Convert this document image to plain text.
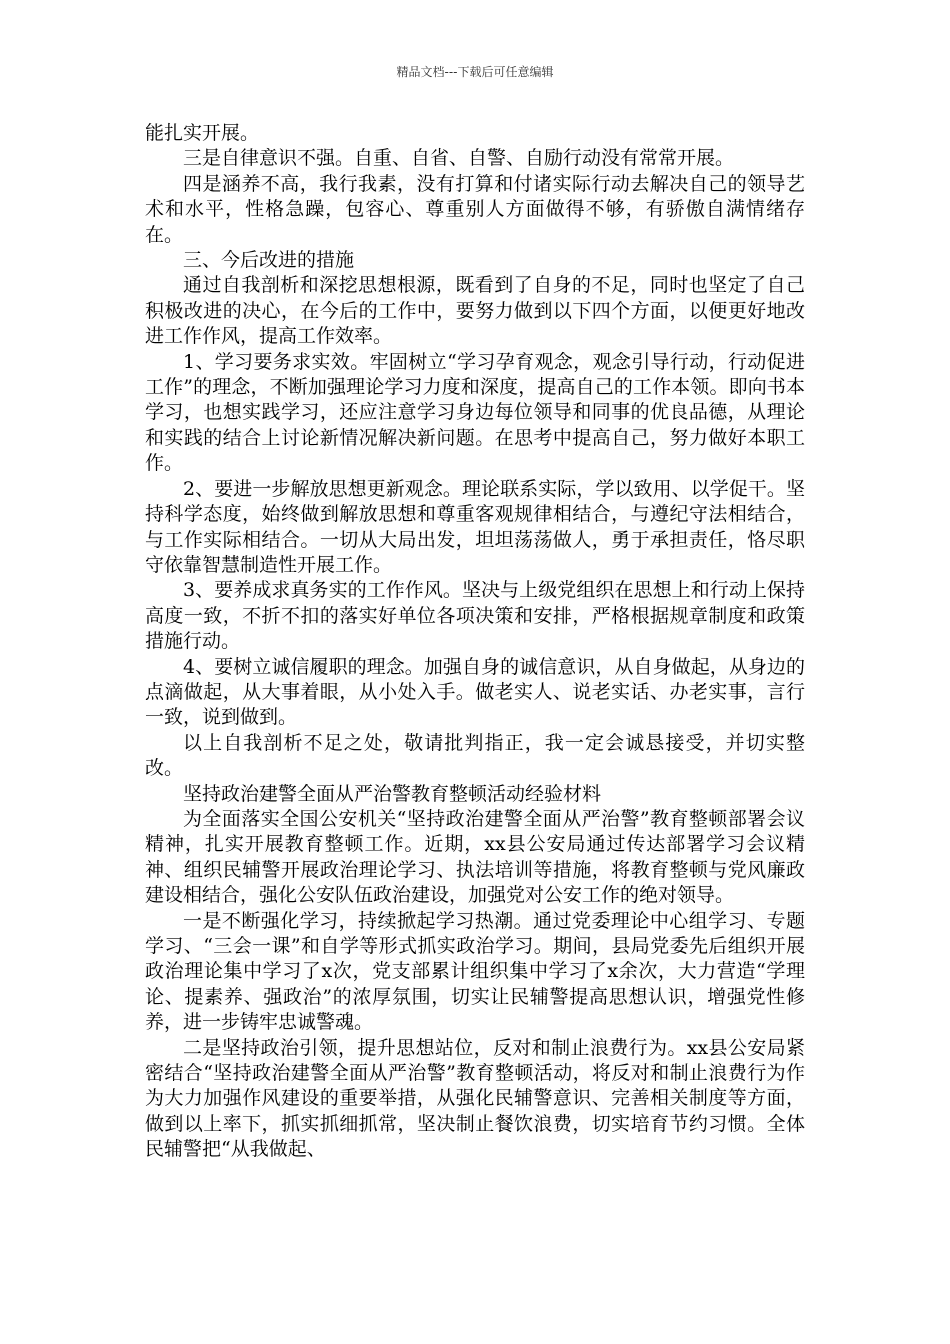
精品文档---下载后可任意编辑

能扎实开展。

三是自律意识不强。自重、自省、自警、自励行动没有常常开展。

四是涵养不高，我行我素，没有打算和付诸实际行动去解决自己的领导艺术和水平，性格急躁，包容心、尊重别人方面做得不够，有骄傲自满情绪存在。

三、今后改进的措施

通过自我剖析和深挖思想根源，既看到了自身的不足，同时也坚定了自己积极改进的决心，在今后的工作中，要努力做到以下四个方面，以便更好地改进工作作风，提高工作效率。

1、学习要务求实效。牢固树立“学习孕育观念，观念引导行动，行动促进工作”的理念，不断加强理论学习力度和深度，提高自己的工作本领。即向书本学习，也想实践学习，还应注意学习身边每位领导和同事的优良品德，从理论和实践的结合上讨论新情况解决新问题。在思考中提高自己，努力做好本职工作。

2、要进一步解放思想更新观念。理论联系实际，学以致用、以学促干。坚持科学态度，始终做到解放思想和尊重客观规律相结合，与遵纪守法相结合，与工作实际相结合。一切从大局出发，坦坦荡荡做人，勇于承担责任，恪尽职守依靠智慧制造性开展工作。

3、要养成求真务实的工作作风。坚决与上级党组织在思想上和行动上保持高度一致，不折不扣的落实好单位各项决策和安排，严格根据规章制度和政策措施行动。

4、要树立诚信履职的理念。加强自身的诚信意识，从自身做起，从身边的点滴做起，从大事着眼，从小处入手。做老实人、说老实话、办老实事，言行一致，说到做到。

以上自我剖析不足之处，敬请批判指正，我一定会诚恳接受，并切实整改。

坚持政治建警全面从严治警教育整顿活动经验材料

为全面落实全国公安机关“坚持政治建警全面从严治警”教育整顿部署会议精神，扎实开展教育整顿工作。近期，xx县公安局通过传达部署学习会议精神、组织民辅警开展政治理论学习、执法培训等措施，将教育整顿与党风廉政建设相结合，强化公安队伍政治建设，加强党对公安工作的绝对领导。

一是不断强化学习，持续掀起学习热潮。通过党委理论中心组学习、专题学习、“三会一课”和自学等形式抓实政治学习。期间，县局党委先后组织开展政治理论集中学习了x次，党支部累计组织集中学习了x余次，大力营造“学理论、提素养、强政治”的浓厚氛围，切实让民辅警提高思想认识，增强党性修养，进一步铸牢忠诚警魂。

二是坚持政治引领，提升思想站位，反对和制止浪费行为。xx县公安局紧密结合“坚持政治建警全面从严治警”教育整顿活动，将反对和制止浪费行为作为大力加强作风建设的重要举措，从强化民辅警意识、完善相关制度等方面，做到以上率下，抓实抓细抓常，坚决制止餐饮浪费，切实培育节约习惯。全体民辅警把“从我做起、
